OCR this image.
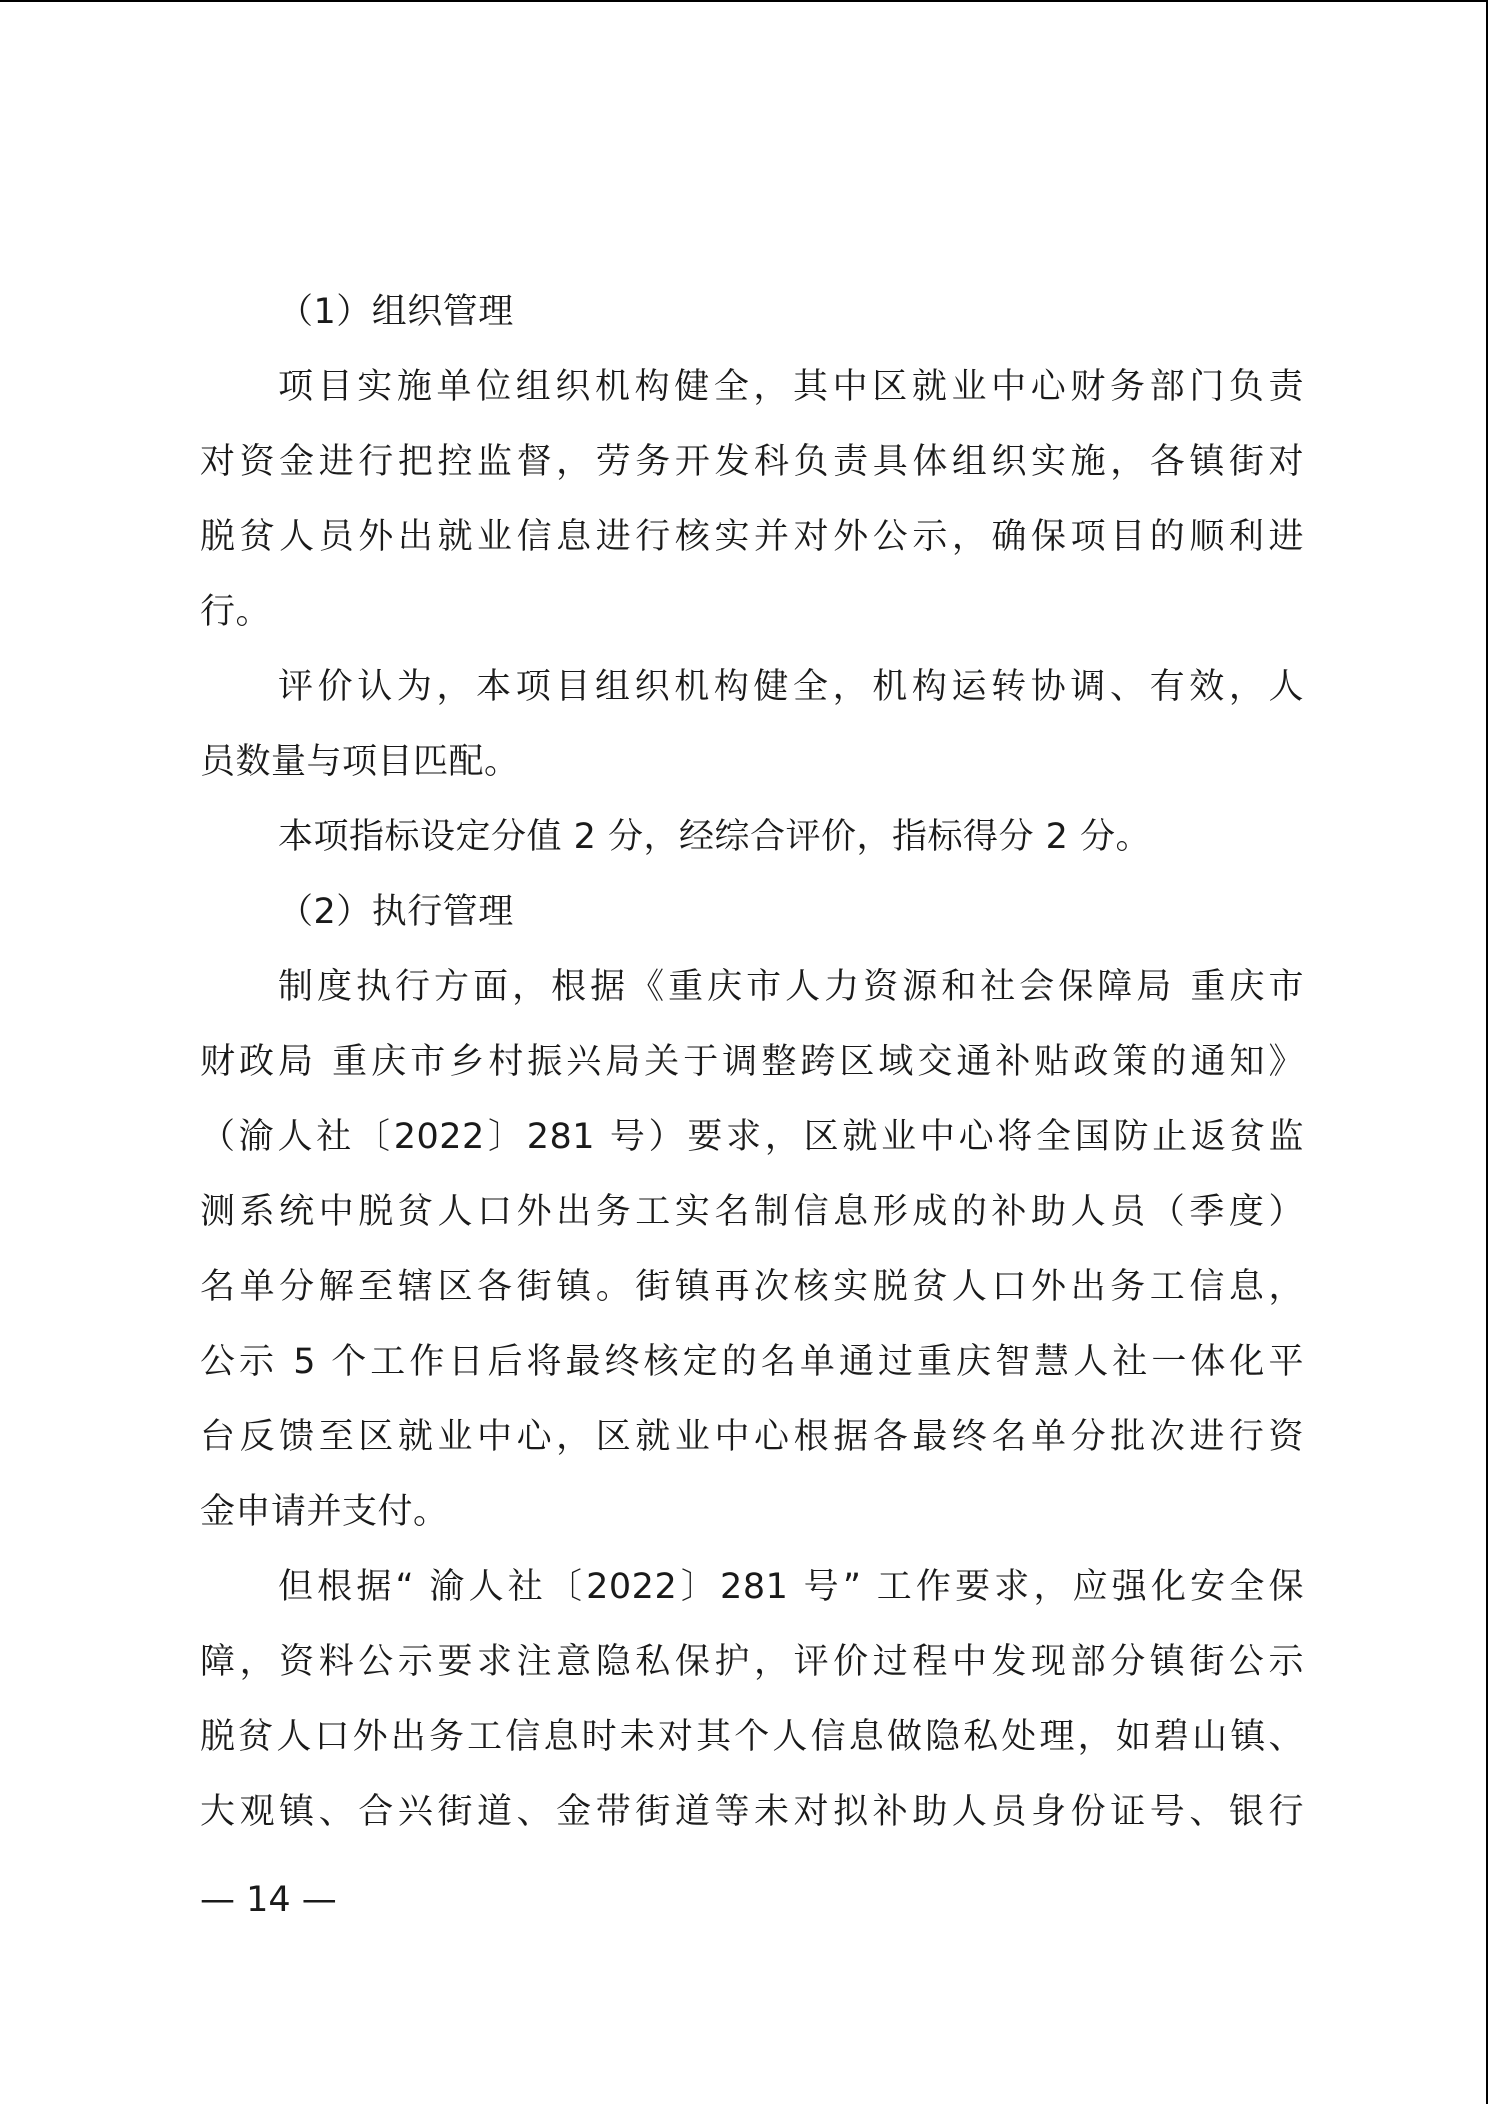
（1）组织管理

项目实施单位组织机构健全，其中区就业中心财务部门负责

对资金进行把控监督，劳务开发科负责具体组织实施，各镇街对

脱贫人员外出就业信息进行核实并对外公示，确保项目的顺利进

行。

评价认为，本项目组织机构健全，机构运转协调、有效，人

员数量与项目匹配。

本项指标设定分值 2 分，经综合评价，指标得分 2 分。

（2）执行管理

制度执行方面，根据《重庆市人力资源和社会保障局 重庆市

财政局 重庆市乡村振兴局关于调整跨区域交通补贴政策的通知》

（渝人社〔2022〕281 号）要求，区就业中心将全国防止返贫监

测系统中脱贫人口外出务工实名制信息形成的补助人员（季度）

名单分解至辖区各街镇。街镇再次核实脱贫人口外出务工信息，

公示 5 个工作日后将最终核定的名单通过重庆智慧人社一体化平

台反馈至区就业中心，区就业中心根据各最终名单分批次进行资

金申请并支付。

但根据“ 渝人社〔2022〕281 号” 工作要求，应强化安全保

障，资料公示要求注意隐私保护，评价过程中发现部分镇街公示

脱贫人口外出务工信息时未对其个人信息做隐私处理，如碧山镇、

大观镇、合兴街道、金带街道等未对拟补助人员身份证号、银行

— 14 —
